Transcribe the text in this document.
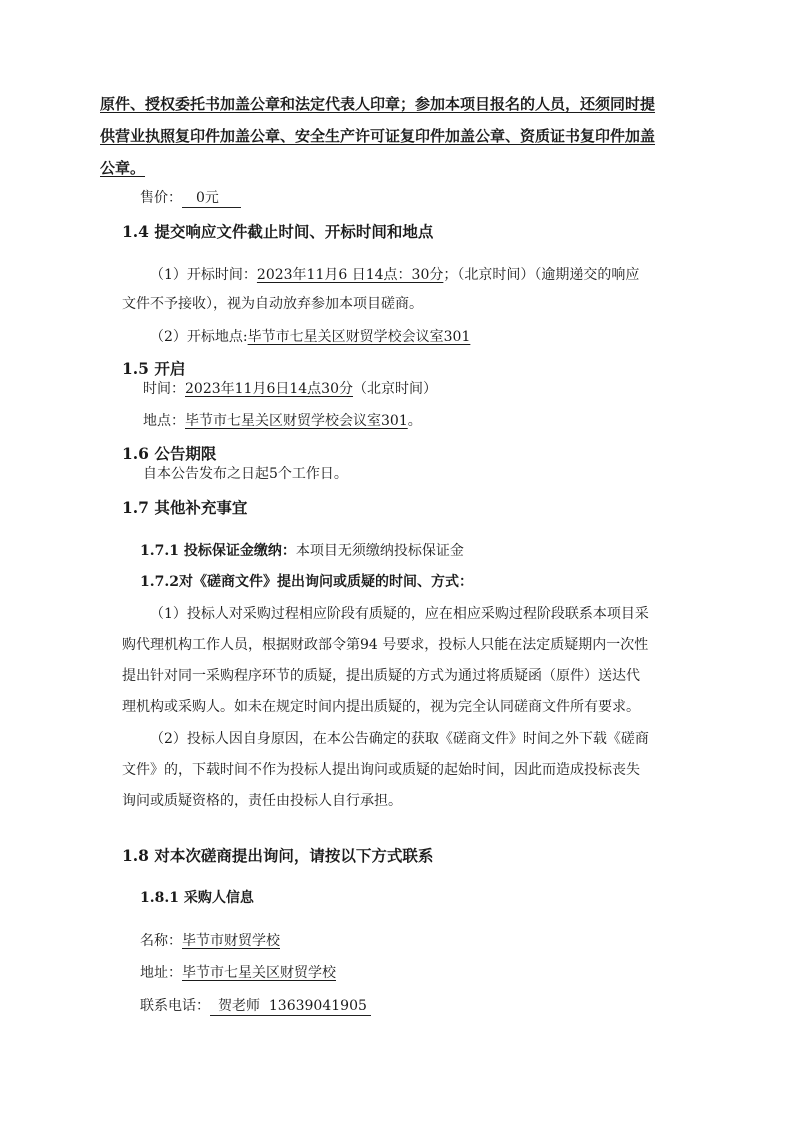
原件、授权委托书加盖公章和法定代表人印章；参加本项目报名的人员，还须同时提
供营业执照复印件加盖公章、安全生产许可证复印件加盖公章、资质证书复印件加盖
公章。
售价： 0元
1.4 提交响应文件截止时间、开标时间和地点
（1）开标时间：2023年11月6 日14点：30分；（北京时间）（逾期递交的响应
文件不予接收），视为自动放弃参加本项目磋商。
（2）开标地点:毕节市七星关区财贸学校会议室301
1.5 开启
时间：2023年11月6日14点30分（北京时间）
地点：毕节市七星关区财贸学校会议室301。
1.6 公告期限
自本公告发布之日起5个工作日。
1.7 其他补充事宜
1.7.1 投标保证金缴纳：本项目无须缴纳投标保证金
1.7.2对《磋商文件》提出询问或质疑的时间、方式：
（1）投标人对采购过程相应阶段有质疑的，应在相应采购过程阶段联系本项目采
购代理机构工作人员，根据财政部令第94 号要求，投标人只能在法定质疑期内一次性
提出针对同一采购程序环节的质疑，提出质疑的方式为通过将质疑函（原件）送达代
理机构或采购人。如未在规定时间内提出质疑的，视为完全认同磋商文件所有要求。
（2）投标人因自身原因，在本公告确定的获取《磋商文件》时间之外下载《磋商
文件》的，下载时间不作为投标人提出询问或质疑的起始时间，因此而造成投标丧失
询问或质疑资格的，责任由投标人自行承担。
1.8 对本次磋商提出询问，请按以下方式联系
1.8.1 采购人信息
名称：毕节市财贸学校
地址：毕节市七星关区财贸学校
联系电话： 贺老师  13639041905
